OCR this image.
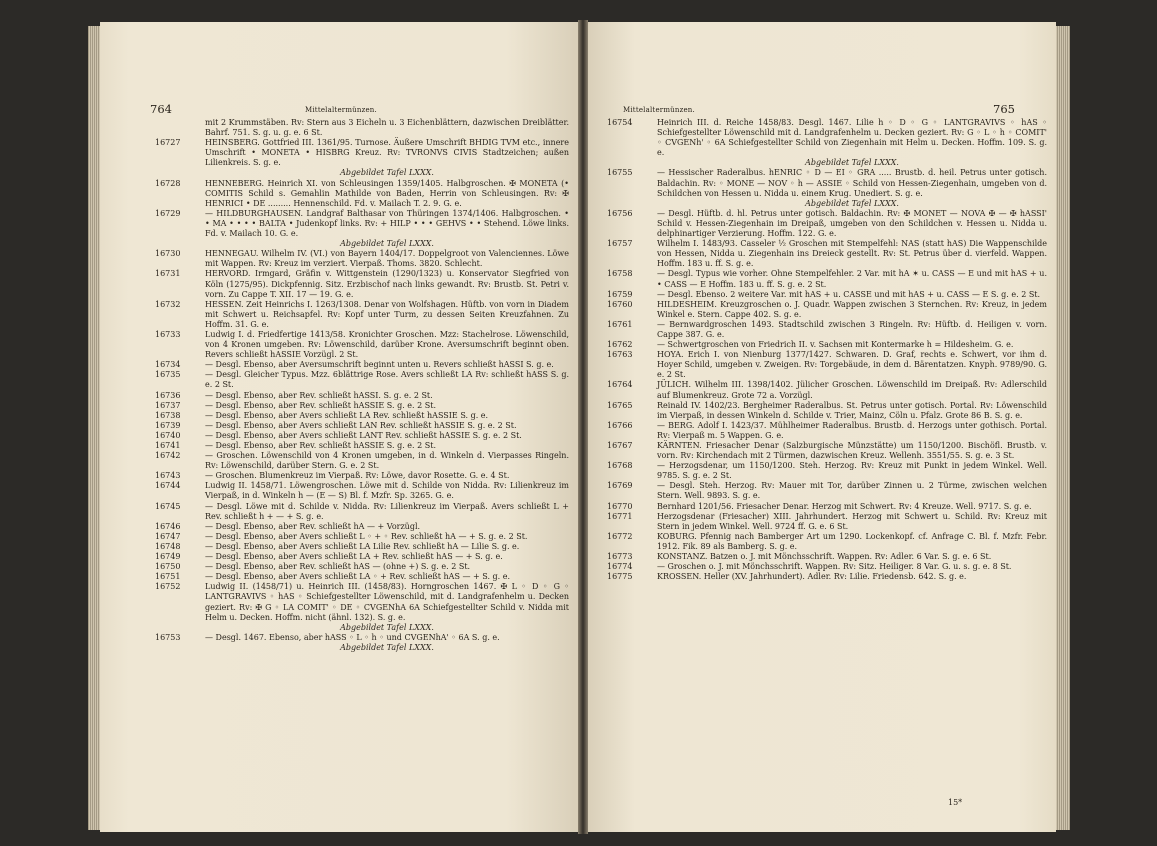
764	Mittelaltermünzen.
mit 2 Krummstäben. Rv: Stern aus 3 Eicheln u. 3 Eichenblättern, dazwischen Dreiblätter. Bahrf. 751. S. g. u. g. e. 6 St.
16727	HEINSBERG. Gottfried III. 1361/95. Turnose. Äußere Umschrift BHDIG TVM etc., innere Umschrift • MONETA • HISBRG Kreuz. Rv: TVRONVS CIVIS Stadtzeichen; außen Lilienkreis. S. g. e.
Abgebildet Tafel LXXX.
16728	HENNEBERG. Heinrich XI. von Schleusingen 1359/1405. Halbgroschen. ✠ MONETA (• COMITIS Schild s. Gemahlin Mathilde von Baden, Herrin von Schleusingen. Rv: ✠ HENRICI • DE ......... Hennenschild. Fd. v. Mailach T. 2. 9. G. e.
16729	— HILDBURGHAUSEN. Landgraf Balthasar von Thüringen 1374/1406. Halbgroschen. • • MA • • • • BALTA • Judenkopf links. Rv: + HILP • • • GEHVS • • Stehend. Löwe links. Fd. v. Mailach 10. G. e.
Abgebildet Tafel LXXX.
16730	HENNEGAU. Wilhelm IV. (VI.) von Bayern 1404/17. Doppelgroot von Valenciennes. Löwe mit Wappen. Rv: Kreuz im verziert. Vierpaß. Thoms. 3820. Schlecht.
16731	HERVORD. Irmgard, Gräfin v. Wittgenstein (1290/1323) u. Konservator Siegfried von Köln (1275/95). Dickpfennig. Sitz. Erzbischof nach links gewandt. Rv: Brustb. St. Petri v. vorn. Zu Cappe T. XII. 17 — 19. G. e.
16732	HESSEN. Zeit Heinrichs I. 1263/1308. Denar von Wolfshagen. Hüftb. von vorn in Diadem mit Schwert u. Reichsapfel. Rv: Kopf unter Turm, zu dessen Seiten Kreuzfahnen. Zu Hoffm. 31. G. e.
16733	Ludwig I. d. Friedfertige 1413/58. Kronichter Groschen. Mzz: Stachelrose. Löwenschild, von 4 Kronen umgeben. Rv: Löwenschild, darüber Krone. Aversumschrift beginnt oben. Revers schließt hASSIE Vorzügl. 2 St.
16734	— Desgl. Ebenso, aber Aversumschrift beginnt unten u. Revers schließt hASSI S. g. e.
16735	— Desgl. Gleicher Typus. Mzz. 6blättrige Rose. Avers schließt LA Rv: schließt hASS S. g. e. 2 St.
16736	— Desgl. Ebenso, aber Rev. schließt hASSI. S. g. e. 2 St.
16737	— Desgl. Ebenso, aber Rev. schließt hASSIE S. g. e. 2 St.
16738	— Desgl. Ebenso, aber Avers schließt LA Rev. schließt hASSIE S. g. e.
16739	— Desgl. Ebenso, aber Avers schließt LAN Rev. schließt hASSIE S. g. e. 2 St.
16740	— Desgl. Ebenso, aber Avers schließt LANT Rev. schließt hASSIE S. g. e. 2 St.
16741	— Desgl. Ebenso, aber Rev. schließt hASSIE S. g. e. 2 St.
16742	— Groschen. Löwenschild von 4 Kronen umgeben, in d. Winkeln d. Vierpasses Ringeln. Rv: Löwenschild, darüber Stern. G. e. 2 St.
16743	— Groschen. Blumenkreuz im Vierpaß. Rv: Löwe, davor Rosette. G. e. 4 St.
16744	Ludwig II. 1458/71. Löwengroschen. Löwe mit d. Schilde von Nidda. Rv: Lilienkreuz im Vierpaß, in d. Winkeln h — (E — S) Bl. f. Mzfr. Sp. 3265. G. e.
16745	— Desgl. Löwe mit d. Schilde v. Nidda. Rv: Lilienkreuz im Vierpaß. Avers schließt L + Rev. schließt h + — + S. g. e.
16746	— Desgl. Ebenso, aber Rev. schließt hA — + Vorzügl.
16747	— Desgl. Ebenso, aber Avers schließt L ◦ + ◦ Rev. schließt hA — + S. g. e. 2 St.
16748	— Desgl. Ebenso, aber Avers schließt LA Lilie Rev. schließt hA — Lilie S. g. e.
16749	— Desgl. Ebenso, aber Avers schließt LA + Rev. schließt hAS — + S. g. e.
16750	— Desgl. Ebenso, aber Rev. schließt hAS — (ohne +) S. g. e. 2 St.
16751	— Desgl. Ebenso, aber Avers schließt LA ◦ + Rev. schließt hAS — + S. g. e.
16752	Ludwig II. (1458/71) u. Heinrich III. (1458/83). Horngroschen 1467. ✠ L ◦ D ◦ G ◦ LANTGRAVIVS ◦ hAS ◦ Schiefgestellter Löwenschild, mit d. Landgrafenhelm u. Decken geziert. Rv: ✠ G ◦ LA COMIT' ◦ DE ◦ CVGENhA 6A Schiefgestellter Schild v. Nidda mit Helm u. Decken. Hoffm. nicht (ähnl. 132). S. g. e.
Abgebildet Tafel LXXX.
16753	— Desgl. 1467. Ebenso, aber hASS ◦ L ◦ h ◦ und CVGENhA' ◦ 6A S. g. e.
Abgebildet Tafel LXXX.
Mittelaltermünzen.	765
16754	Heinrich III. d. Reiche 1458/83. Desgl. 1467. Lilie h ◦ D ◦ G ◦ LANTGRAVIVS ◦ hAS ◦ Schiefgestellter Löwenschild mit d. Landgrafenhelm u. Decken geziert. Rv: G ◦ L ◦ h ◦ COMIT' ◦ CVGENh' ◦ 6A Schiefgestellter Schild von Ziegenhain mit Helm u. Decken. Hoffm. 109. S. g. e.
Abgebildet Tafel LXXX.
16755	— Hessischer Raderalbus. hENRIC ◦ D — EI ◦ GRA ..... Brustb. d. heil. Petrus unter gotisch. Baldachin. Rv: ◦ MONE — NOV ◦ h — ASSIE ◦ Schild von Hessen-Ziegenhain, umgeben von d. Schildchen von Hessen u. Nidda u. einem Krug. Unediert. S. g. e.
Abgebildet Tafel LXXX.
16756	— Desgl. Hüftb. d. hl. Petrus unter gotisch. Baldachin. Rv: ✠ MONET — NOVA ✠ — ✠ hASSI' Schild v. Hessen-Ziegenhain im Dreipaß, umgeben von den Schildchen v. Hessen u. Nidda u. delphinartiger Verzierung. Hoffm. 122. G. e.
16757	Wilhelm I. 1483/93. Casseler ½ Groschen mit Stempelfehl: NAS (statt hAS) Die Wappenschilde von Hessen, Nidda u. Ziegenhain ins Dreieck gestellt. Rv: St. Petrus über d. vierfeld. Wappen. Hoffm. 183 u. ff. S. g. e.
16758	— Desgl. Typus wie vorher. Ohne Stempelfehler. 2 Var. mit hA ✶ u. CASS — E und mit hAS + u. • CASS — E Hoffm. 183 u. ff. S. g. e. 2 St.
16759	— Desgl. Ebenso. 2 weitere Var. mit hAS + u. CASSE und mit hAS + u. CASS — E S. g. e. 2 St.
16760	HILDESHEIM. Kreuzgroschen o. J. Quadr. Wappen zwischen 3 Sternchen. Rv: Kreuz, in jedem Winkel e. Stern. Cappe 402. S. g. e.
16761	— Bernwardgroschen 1493. Stadtschild zwischen 3 Ringeln. Rv: Hüftb. d. Heiligen v. vorn. Cappe 387. G. e.
16762	— Schwertgroschen von Friedrich II. v. Sachsen mit Kontermarke h = Hildesheim. G. e.
16763	HOYA. Erich I. von Nienburg 1377/1427. Schwaren. D. Graf, rechts e. Schwert, vor ihm d. Hoyer Schild, umgeben v. Zweigen. Rv: Torgebäude, in dem d. Bärentatzen. Knyph. 9789/90. G. e. 2 St.
16764	JÜLICH. Wilhelm III. 1398/1402. Jülicher Groschen. Löwenschild im Dreipaß. Rv: Adlerschild auf Blumenkreuz. Grote 72 a. Vorzügl.
16765	Reinald IV. 1402/23. Bergheimer Raderalbus. St. Petrus unter gotisch. Portal. Rv: Löwenschild im Vierpaß, in dessen Winkeln d. Schilde v. Trier, Mainz, Cöln u. Pfalz. Grote 86 B. S. g. e.
16766	— BERG. Adolf I. 1423/37. Mühlheimer Raderalbus. Brustb. d. Herzogs unter gothisch. Portal. Rv: Vierpaß m. 5 Wappen. G. e.
16767	KÄRNTEN. Friesacher Denar (Salzburgische Münzstätte) um 1150/1200. Bischöfl. Brustb. v. vorn. Rv: Kirchendach mit 2 Türmen, dazwischen Kreuz. Wellenh. 3551/55. S. g. e. 3 St.
16768	— Herzogsdenar, um 1150/1200. Steh. Herzog. Rv: Kreuz mit Punkt in jedem Winkel. Well. 9785. S. g. e. 2 St.
16769	— Desgl. Steh. Herzog. Rv: Mauer mit Tor, darüber Zinnen u. 2 Türme, zwischen welchen Stern. Well. 9893. S. g. e.
16770	Bernhard 1201/56. Friesacher Denar. Herzog mit Schwert. Rv: 4 Kreuze. Well. 9717. S. g. e.
16771	Herzogsdenar (Friesacher) XIII. Jahrhundert. Herzog mit Schwert u. Schild. Rv: Kreuz mit Stern in jedem Winkel. Well. 9724 ff. G. e. 6 St.
16772	KOBURG. Pfennig nach Bamberger Art um 1290. Lockenkopf. cf. Anfrage C. Bl. f. Mzfr. Febr. 1912. Fik. 89 als Bamberg. S. g. e.
16773	KONSTANZ. Batzen o. J. mit Mönchsschrift. Wappen. Rv: Adler. 6 Var. S. g. e. 6 St.
16774	— Groschen o. J. mit Mönchsschrift. Wappen. Rv: Sitz. Heiliger. 8 Var. G. u. s. g. e. 8 St.
16775	KROSSEN. Heller (XV. Jahrhundert). Adler. Rv: Lilie. Friedensb. 642. S. g. e.
15*
